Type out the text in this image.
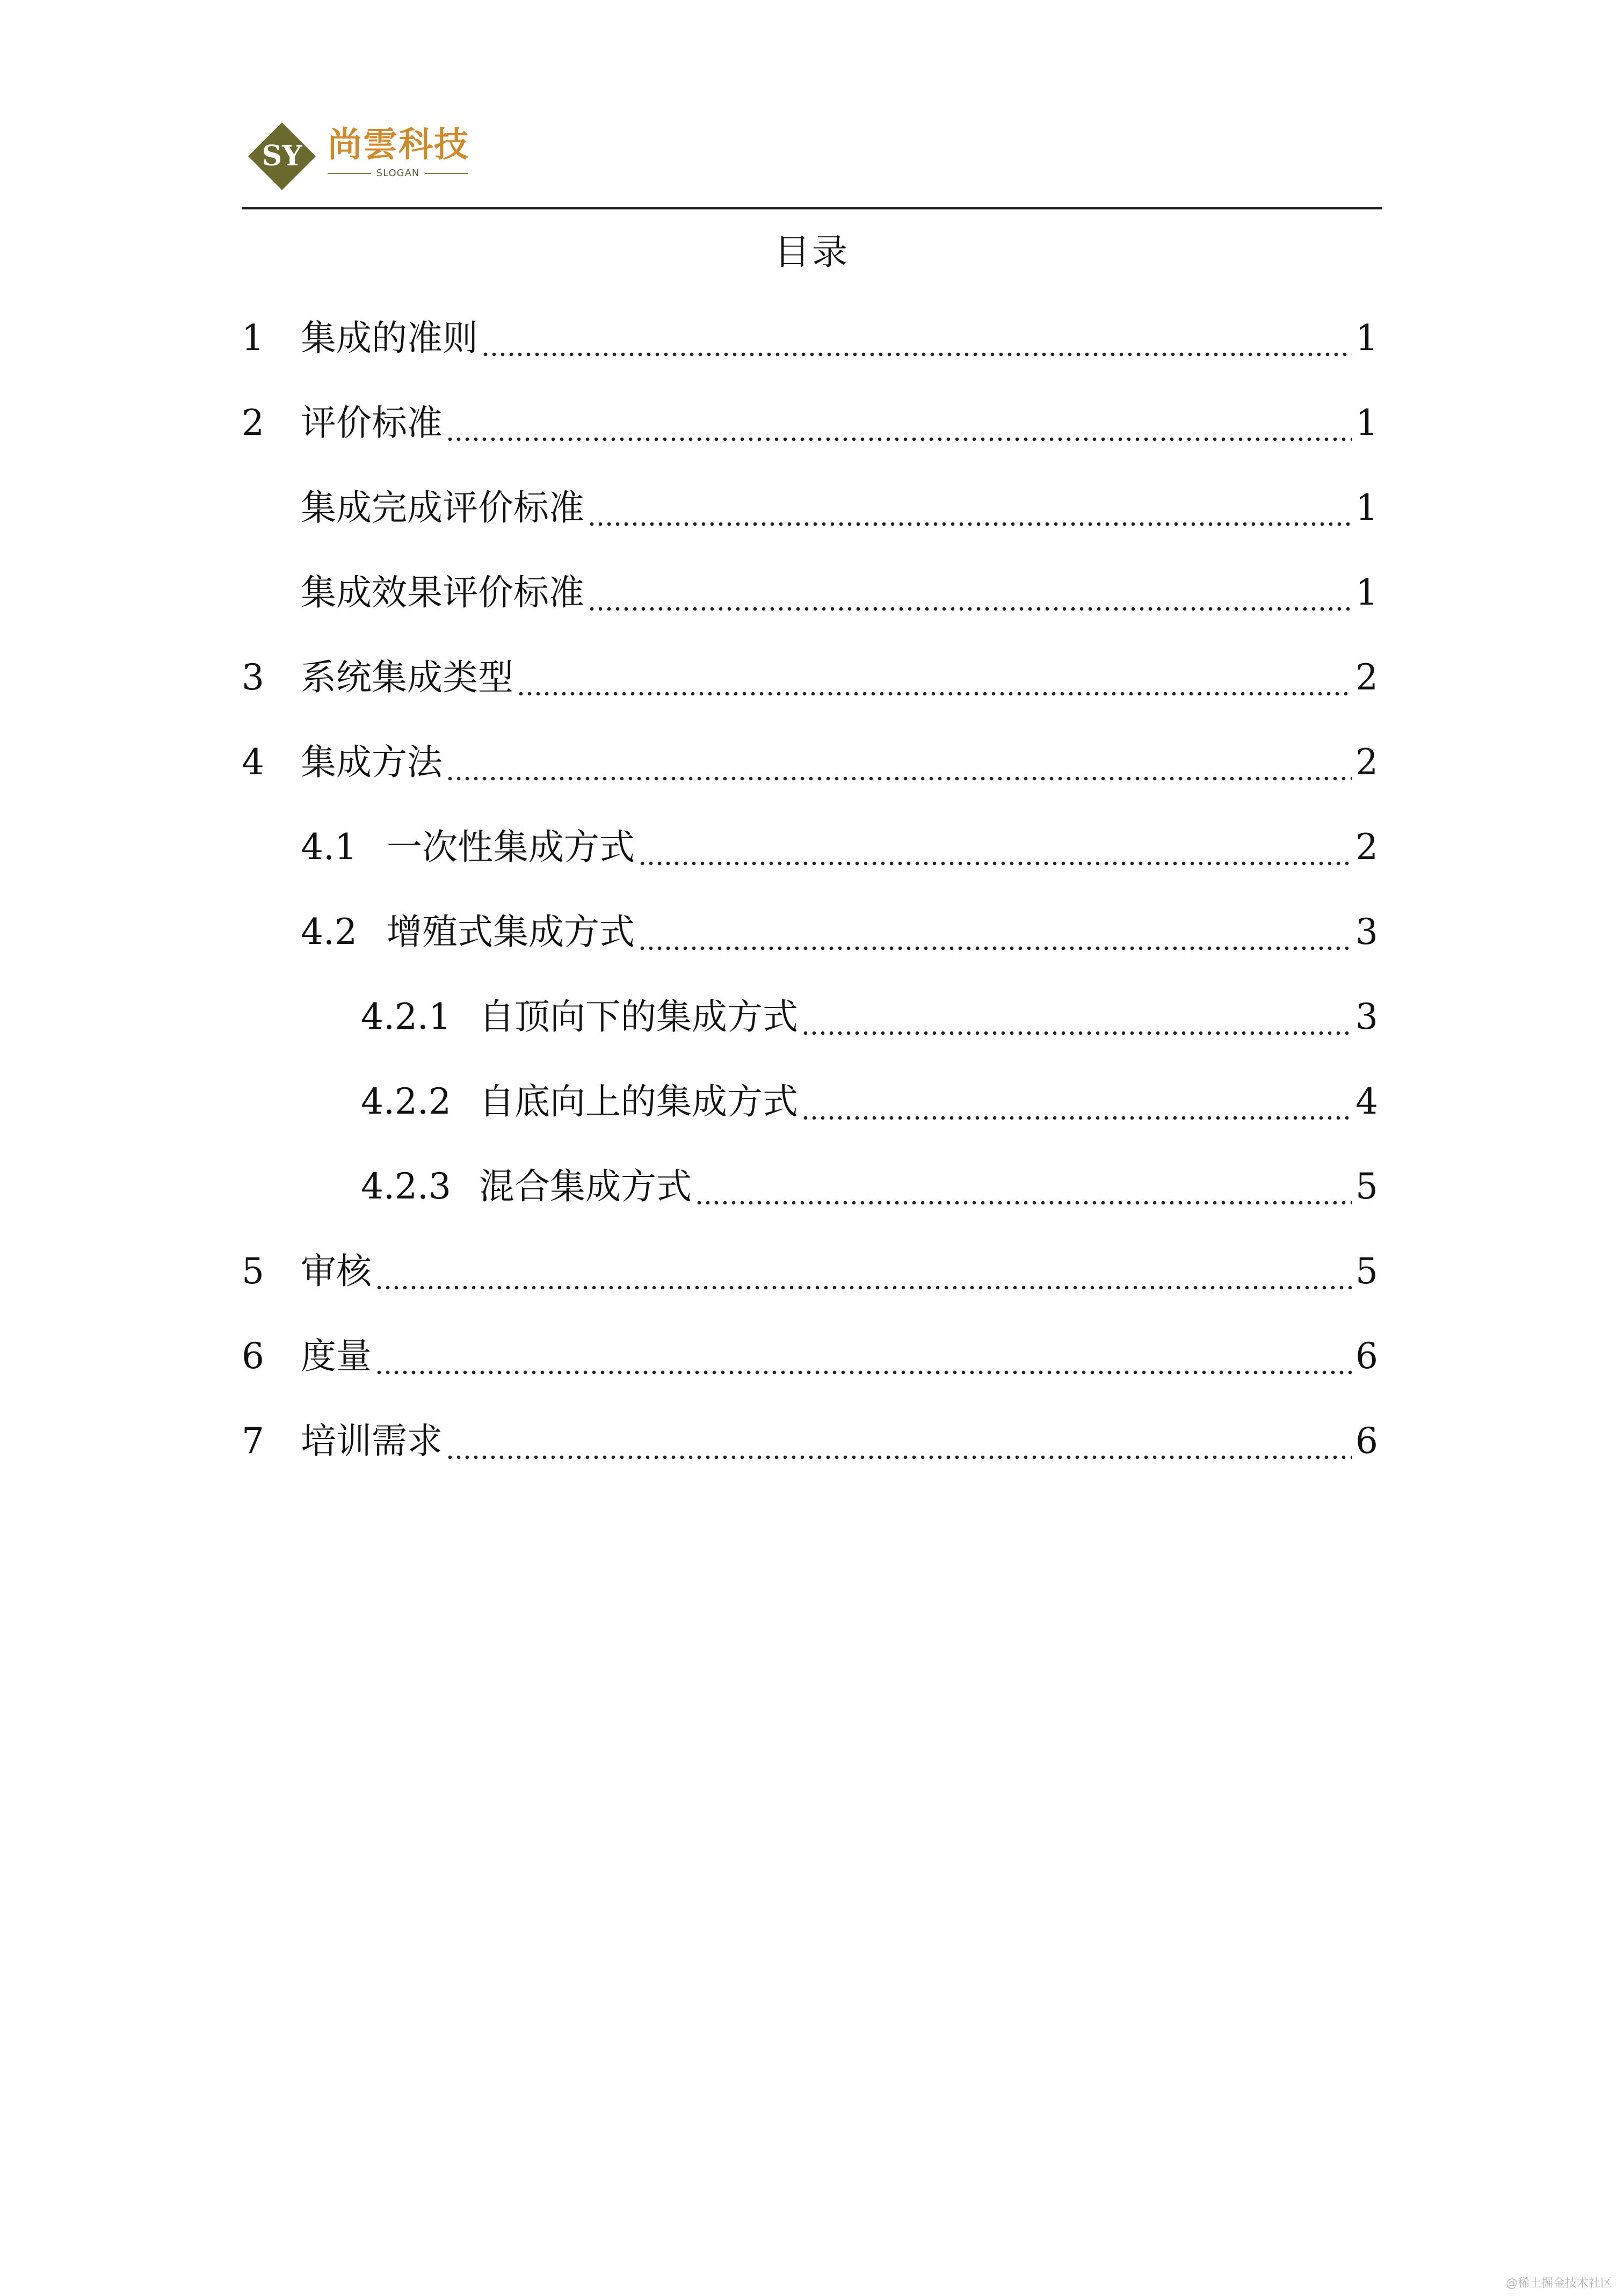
SY 尚雲科技
SLOGAN
目录
1	集成的准则	1
2	评价标准	1
集成完成评价标准	1
集成效果评价标准	1
3	系统集成类型	2
4	集成方法	2
4.1 一次性集成方式	2
4.2 增殖式集成方式	3
4.2.1 自顶向下的集成方式	3
4.2.2 自底向上的集成方式	4
4.2.3 混合集成方式	5
5	审核	5
6	度量	6
7	培训需求	6
@稀土掘金技术社区
